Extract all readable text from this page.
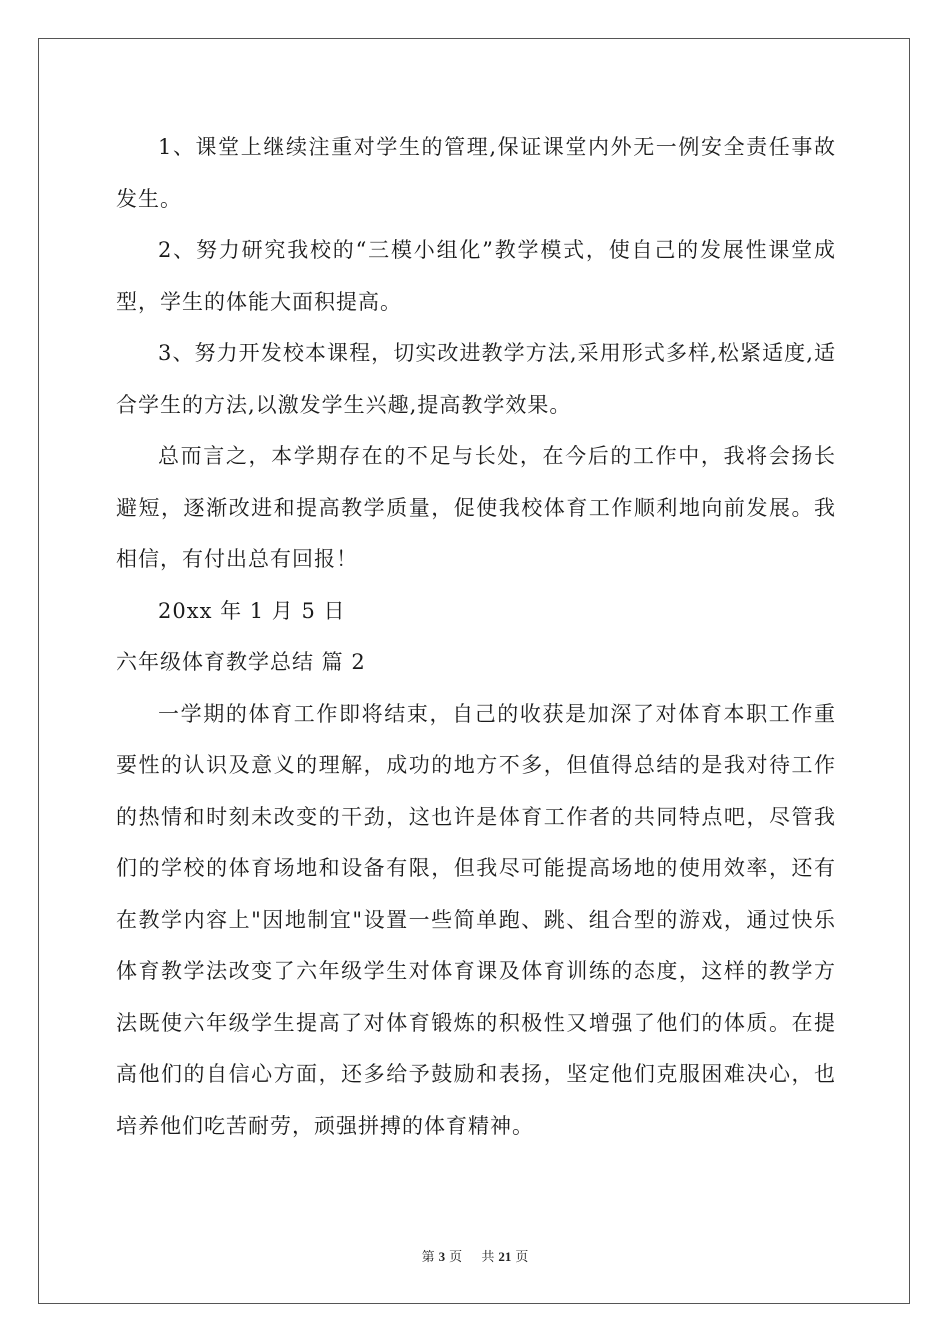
1、课堂上继续注重对学生的管理,保证课堂内外无一例安全责任事故发生。

2、努力研究我校的“三模小组化”教学模式，使自己的发展性课堂成型，学生的体能大面积提高。

3、努力开发校本课程，切实改进教学方法,采用形式多样,松紧适度,适合学生的方法,以激发学生兴趣,提高教学效果。

总而言之，本学期存在的不足与长处，在今后的工作中，我将会扬长避短，逐渐改进和提高教学质量，促使我校体育工作顺利地向前发展。我相信，有付出总有回报！

20xx 年 1 月 5 日

六年级体育教学总结 篇 2

一学期的体育工作即将结束，自己的收获是加深了对体育本职工作重要性的认识及意义的理解，成功的地方不多，但值得总结的是我对待工作的热情和时刻未改变的干劲，这也许是体育工作者的共同特点吧，尽管我们的学校的体育场地和设备有限，但我尽可能提高场地的使用效率，还有在教学内容上"因地制宜"设置一些简单跑、跳、组合型的游戏，通过快乐体育教学法改变了六年级学生对体育课及体育训练的态度，这样的教学方法既使六年级学生提高了对体育锻炼的积极性又增强了他们的体质。在提高他们的自信心方面，还多给予鼓励和表扬，坚定他们克服困难决心，也培养他们吃苦耐劳，顽强拼搏的体育精神。

第 3 页 共 21 页
